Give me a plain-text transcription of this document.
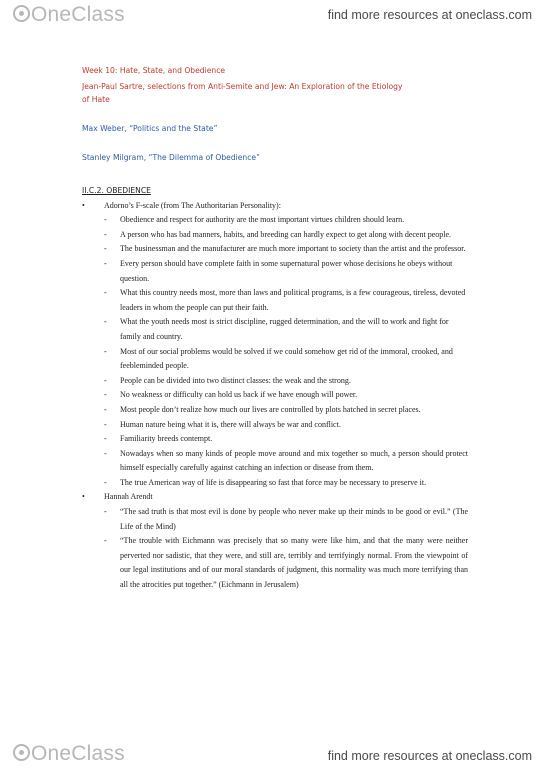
OneClass	find more resources at oneclass.com
Week 10: Hate, State, and Obedience
Jean-Paul Sartre, selections from Anti-Semite and Jew: An Exploration of the Etiology
of Hate
Max Weber, “Politics and the State”
Stanley Milgram, “The Dilemma of Obedience”
II.C.2. OBEDIENCE
• Adorno’s F-scale (from The Authoritarian Personality):
- Obedience and respect for authority are the most important virtues children should learn.
- A person who has bad manners, habits, and breeding can hardly expect to get along with decent people.
- The businessman and the manufacturer are much more important to society than the artist and the professor.
- Every person should have complete faith in some supernatural power whose decisions he obeys without question.
- What this country needs most, more than laws and political programs, is a few courageous, tireless, devoted leaders in whom the people can put their faith.
- What the youth needs most is strict discipline, rugged determination, and the will to work and fight for family and country.
- Most of our social problems would be solved if we could somehow get rid of the immoral, crooked, and feebleminded people.
- People can be divided into two distinct classes: the weak and the strong.
- No weakness or difficulty can hold us back if we have enough will power.
- Most people don’t realize how much our lives are controlled by plots hatched in secret places.
- Human nature being what it is, there will always be war and conflict.
- Familiarity breeds contempt.
- Nowadays when so many kinds of people move around and mix together so much, a person should protect himself especially carefully against catching an infection or disease from them.
- The true American way of life is disappearing so fast that force may be necessary to preserve it.
• Hannah Arendt
- “The sad truth is that most evil is done by people who never make up their minds to be good or evil.” (The Life of the Mind)
- “The trouble with Eichmann was precisely that so many were like him, and that the many were neither perverted nor sadistic, that they were, and still are, terribly and terrifyingly normal. From the viewpoint of our legal institutions and of our moral standards of judgment, this normality was much more terrifying than all the atrocities put together.” (Eichmann in Jerusalem)
OneClass	find more resources at oneclass.com
